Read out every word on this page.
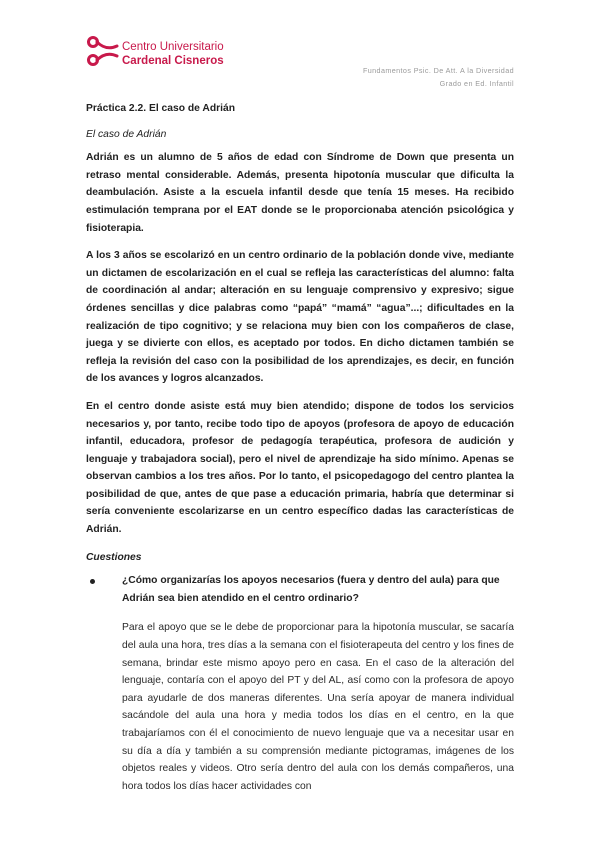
Centro Universitario
Cardenal Cisneros
Fundamentos Psic. De Att. A la Diversidad
Grado en Ed. Infantil
Práctica 2.2. El caso de Adrián
El caso de Adrián

Adrián es un alumno de 5 años de edad con Síndrome de Down que presenta un retraso mental considerable. Además, presenta hipotonía muscular que dificulta la deambulación. Asiste a la escuela infantil desde que tenía 15 meses. Ha recibido estimulación temprana por el EAT donde se le proporcionaba atención psicológica y fisioterapia.

A los 3 años se escolarizó en un centro ordinario de la población donde vive, mediante un dictamen de escolarización en el cual se refleja las características del alumno: falta de coordinación al andar; alteración en su lenguaje comprensivo y expresivo; sigue órdenes sencillas y dice palabras como “papá” “mamá” “agua”...; dificultades en la realización de tipo cognitivo; y se relaciona muy bien con los compañeros de clase, juega y se divierte con ellos, es aceptado por todos. En dicho dictamen también se refleja la revisión del caso con la posibilidad de los aprendizajes, es decir, en función de los avances y logros alcanzados.

En el centro donde asiste está muy bien atendido; dispone de todos los servicios necesarios y, por tanto, recibe todo tipo de apoyos (profesora de apoyo de educación infantil, educadora, profesor de pedagogía terapéutica, profesora de audición y lenguaje y trabajadora social), pero el nivel de aprendizaje ha sido mínimo. Apenas se observan cambios a los tres años. Por lo tanto, el psicopedagogo del centro plantea la posibilidad de que, antes de que pase a educación primaria, habría que determinar si sería conveniente escolarizarse en un centro específico dadas las características de Adrián.

Cuestiones
¿Cómo organizarías los apoyos necesarios (fuera y dentro del aula) para que Adrián sea bien atendido en el centro ordinario?

Para el apoyo que se le debe de proporcionar para la hipotonía muscular, se sacaría del aula una hora, tres días a la semana con el fisioterapeuta del centro y los fines de semana, brindar este mismo apoyo pero en casa. En el caso de la alteración del lenguaje, contaría con el apoyo del PT y del AL, así como con la profesora de apoyo para ayudarle de dos maneras diferentes. Una sería apoyar de manera individual sacándole del aula una hora y media todos los días en el centro, en la que trabajaríamos con él el conocimiento de nuevo lenguaje que va a necesitar usar en su día a día y también a su comprensión mediante pictogramas, imágenes de los objetos reales y videos. Otro sería dentro del aula con los demás compañeros, una hora todos los días hacer actividades con
